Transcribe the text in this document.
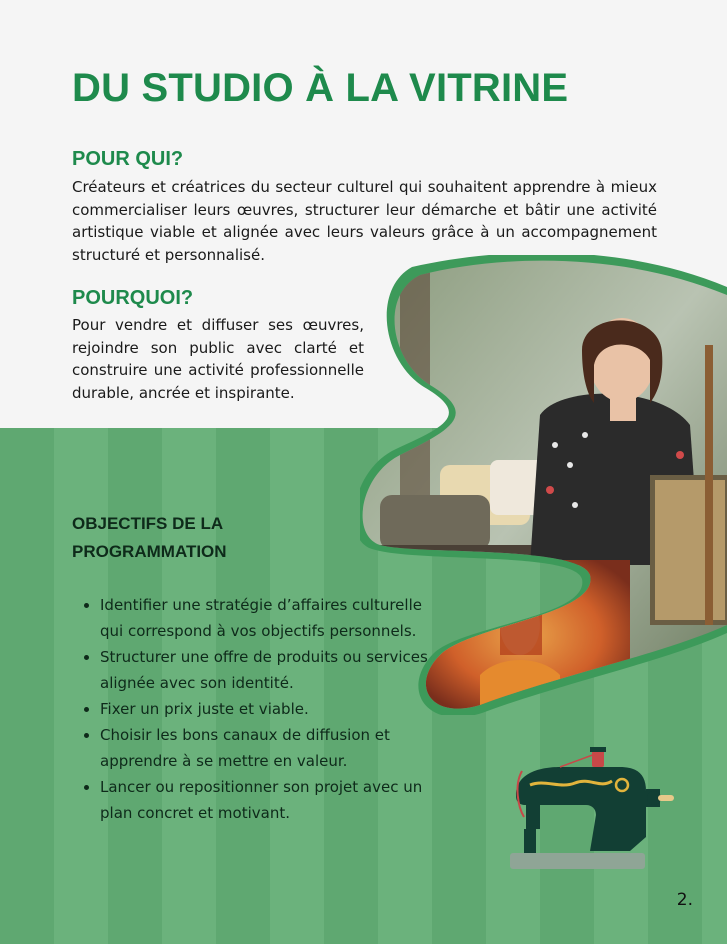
DU STUDIO À LA VITRINE
POUR QUI?

Créateurs et créatrices du secteur culturel qui souhaitent apprendre à mieux commercialiser leurs œuvres, structurer leur démarche et bâtir une activité artistique viable et alignée avec leurs valeurs grâce à un accompagnement structuré et personnalisé.

POURQUOI?

Pour vendre et diffuser ses œuvres, rejoindre son public avec clarté et construire une activité professionnelle durable, ancrée et inspirante.

OBJECTIFS DE LA PROGRAMMATION
• Identifier une stratégie d’affaires culturelle qui correspond à vos objectifs personnels.
• Structurer une offre de produits ou services alignée avec son identité.
• Fixer un prix juste et viable.
• Choisir les bons canaux de diffusion et apprendre à se mettre en valeur.
• Lancer ou repositionner son projet avec un plan concret et motivant.
2.
